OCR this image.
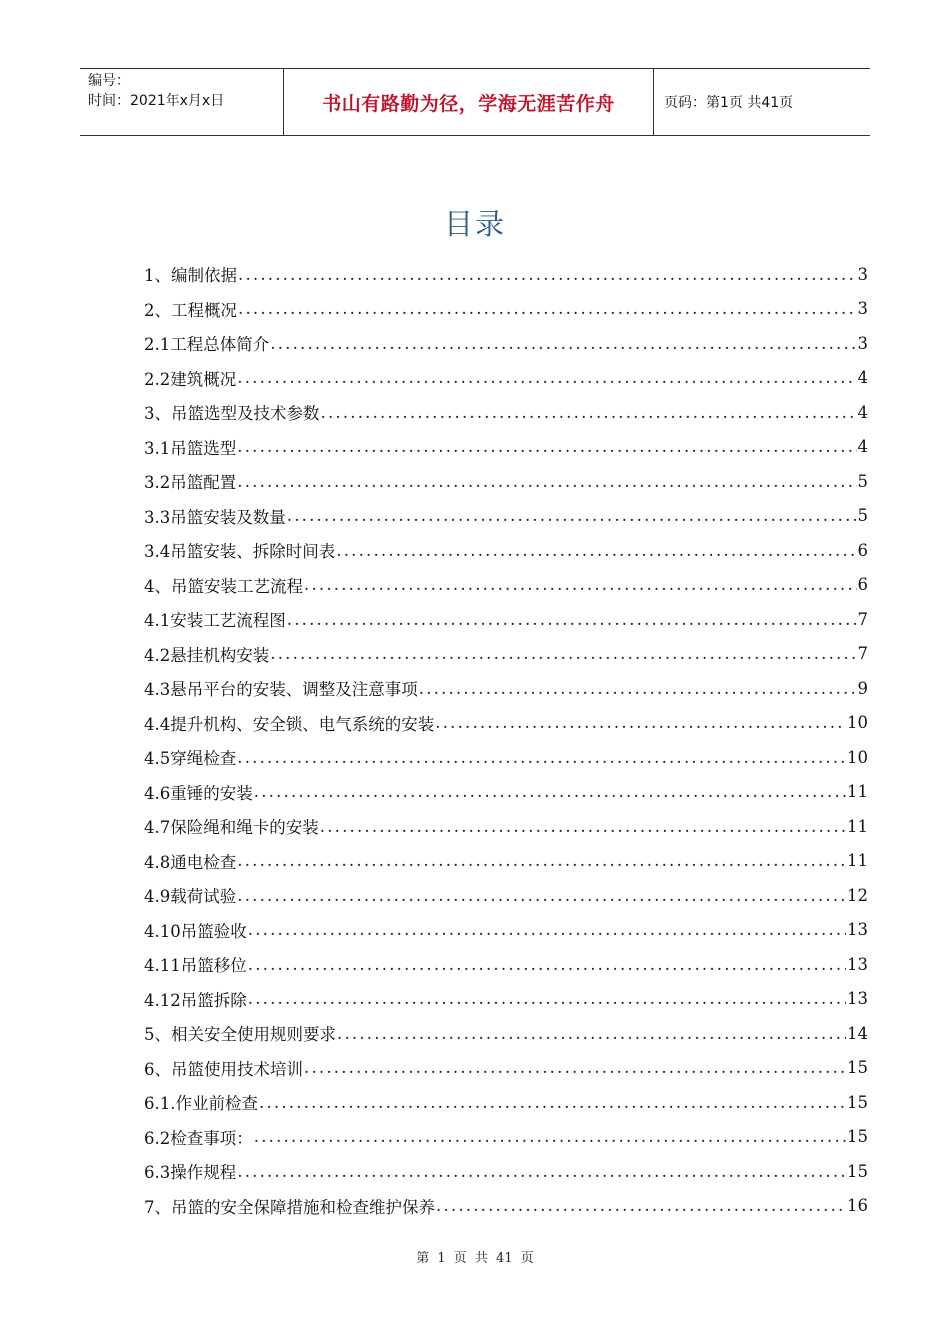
编号：
时间：2021年x月x日	书山有路勤为径，学海无涯苦作舟	页码：第1页 共41页
目录
1、编制依据 .....	3
2、工程概况 .....	3
2.1工程总体简介 .....	3
2.2建筑概况 .....	4
3、吊篮选型及技术参数 .....	4
3.1吊篮选型 .....	4
3.2吊篮配置 .....	5
3.3吊篮安装及数量 .....	5
3.4吊篮安装、拆除时间表 .....	6
4、吊篮安装工艺流程 .....	6
4.1安装工艺流程图 .....	7
4.2悬挂机构安装 .....	7
4.3悬吊平台的安装、调整及注意事项 .....	9
4.4提升机构、安全锁、电气系统的安装 .....	10
4.5穿绳检查 .....	10
4.6重锤的安装 .....	11
4.7保险绳和绳卡的安装 .....	11
4.8通电检查 .....	11
4.9载荷试验 .....	12
4.10吊篮验收 .....	13
4.11吊篮移位 .....	13
4.12吊篮拆除 .....	13
5、相关安全使用规则要求 .....	14
6、吊篮使用技术培训 .....	15
6.1.作业前检查 .....	15
6.2检查事项： .....	15
6.3操作规程 .....	15
7、吊篮的安全保障措施和检查维护保养 .....	16
第 1 页 共 41 页
